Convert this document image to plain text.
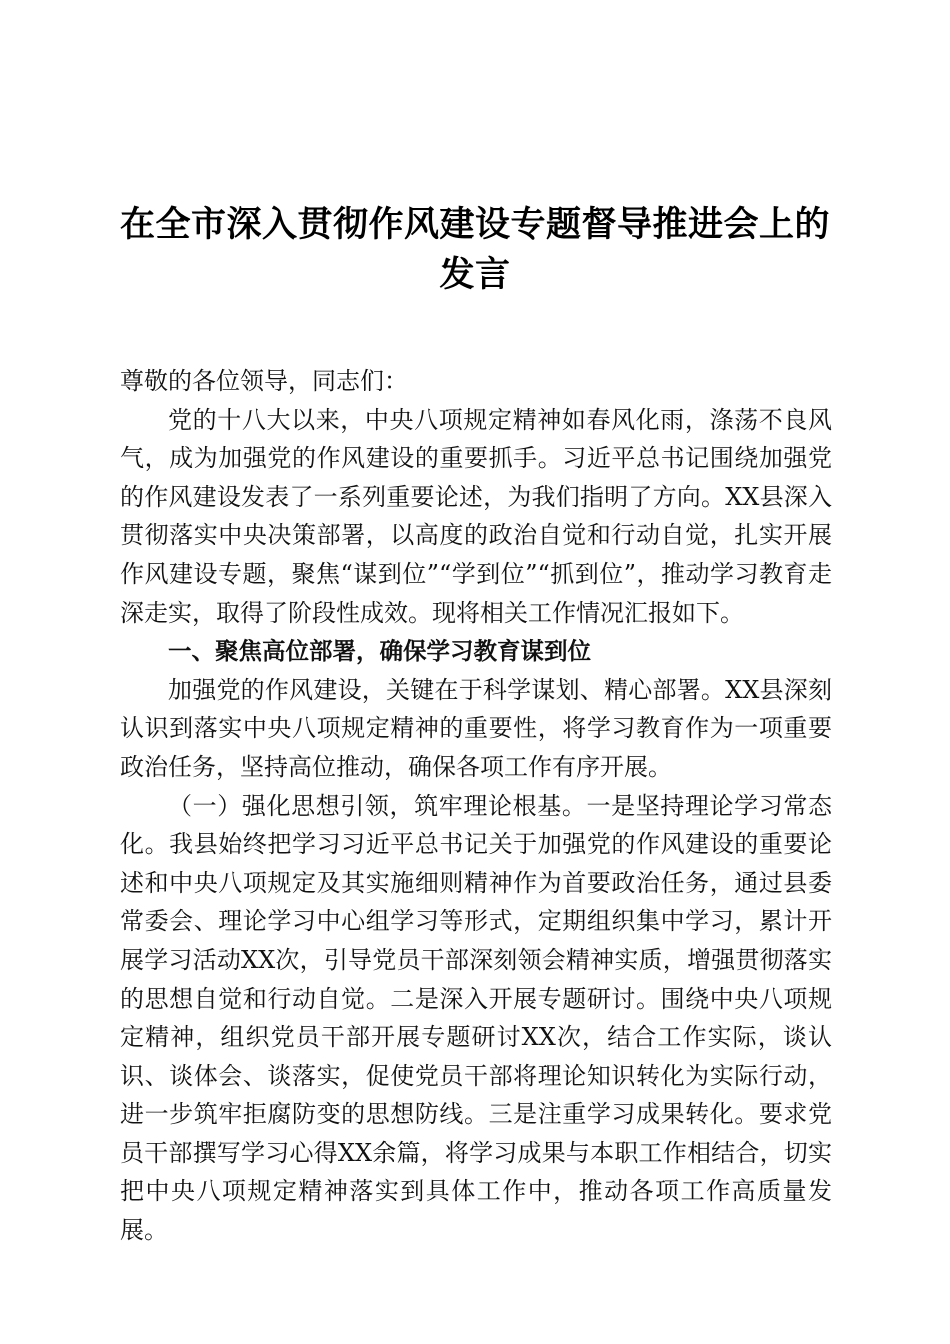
在全市深入贯彻作风建设专题督导推进会上的
发言

尊敬的各位领导，同志们：

党的十八大以来，中央八项规定精神如春风化雨，涤荡不良风气，成为加强党的作风建设的重要抓手。习近平总书记围绕加强党的作风建设发表了一系列重要论述，为我们指明了方向。XX县深入贯彻落实中央决策部署，以高度的政治自觉和行动自觉，扎实开展作风建设专题，聚焦“谋到位”“学到位”“抓到位”，推动学习教育走深走实，取得了阶段性成效。现将相关工作情况汇报如下。

一、聚焦高位部署，确保学习教育谋到位

加强党的作风建设，关键在于科学谋划、精心部署。XX县深刻认识到落实中央八项规定精神的重要性，将学习教育作为一项重要政治任务，坚持高位推动，确保各项工作有序开展。

（一）强化思想引领，筑牢理论根基。一是坚持理论学习常态化。我县始终把学习习近平总书记关于加强党的作风建设的重要论述和中央八项规定及其实施细则精神作为首要政治任务，通过县委常委会、理论学习中心组学习等形式，定期组织集中学习，累计开展学习活动XX次，引导党员干部深刻领会精神实质，增强贯彻落实的思想自觉和行动自觉。二是深入开展专题研讨。围绕中央八项规定精神，组织党员干部开展专题研讨XX次，结合工作实际，谈认识、谈体会、谈落实，促使党员干部将理论知识转化为实际行动，进一步筑牢拒腐防变的思想防线。三是注重学习成果转化。要求党员干部撰写学习心得XX余篇，将学习成果与本职工作相结合，切实把中央八项规定精神落实到具体工作中，推动各项工作高质量发展。
